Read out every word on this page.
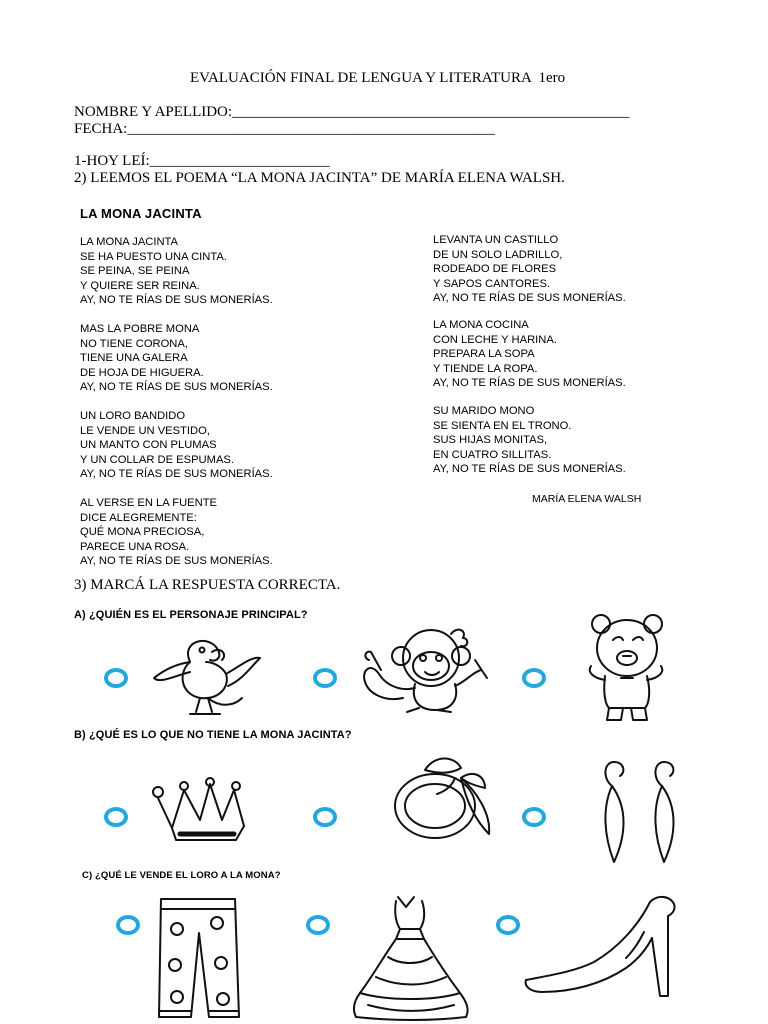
EVALUACIÓN FINAL DE LENGUA Y LITERATURA  1ero
NOMBRE Y APELLIDO:_____________________________________________________
FECHA:_________________________________________________
1-HOY LEÍ:________________________
2) LEEMOS EL POEMA “LA MONA JACINTA” DE MARÍA ELENA WALSH.
LA MONA JACINTA
LA MONA JACINTA
SE HA PUESTO UNA CINTA.
SE PEINA, SE PEINA
Y QUIERE SER REINA.
AY, NO TE RÍAS DE SUS MONERÍAS.
MAS LA POBRE MONA
NO TIENE CORONA,
TIENE UNA GALERA
DE HOJA DE HIGUERA.
AY, NO TE RÍAS DE SUS MONERÍAS.
UN LORO BANDIDO
LE VENDE UN VESTIDO,
UN MANTO CON PLUMAS
Y UN COLLAR DE ESPUMAS.
AY, NO TE RÍAS DE SUS MONERÍAS.
AL VERSE EN LA FUENTE
DICE ALEGREMENTE:
QUÉ MONA PRECIOSA,
PARECE UNA ROSA.
AY, NO TE RÍAS DE SUS MONERÍAS.
LEVANTA UN CASTILLO
DE UN SOLO LADRILLO,
RODEADO DE FLORES
Y SAPOS CANTORES.
AY, NO TE RÍAS DE SUS MONERÍAS.
LA MONA COCINA
CON LECHE Y HARINA.
PREPARA LA SOPA
Y TIENDE LA ROPA.
AY, NO TE RÍAS DE SUS MONERÍAS.
SU MARIDO MONO
SE SIENTA EN EL TRONO.
SUS HIJAS MONITAS,
EN CUATRO SILLITAS.
AY, NO TE RÍAS DE SUS MONERÍAS.
MARÍA ELENA WALSH
3) MARCÁ LA RESPUESTA CORRECTA.
A) ¿QUIÉN ES EL PERSONAJE PRINCIPAL?
B) ¿QUÉ ES LO QUE NO TIENE LA MONA JACINTA?
C) ¿QUÉ LE VENDE EL LORO A LA MONA?
